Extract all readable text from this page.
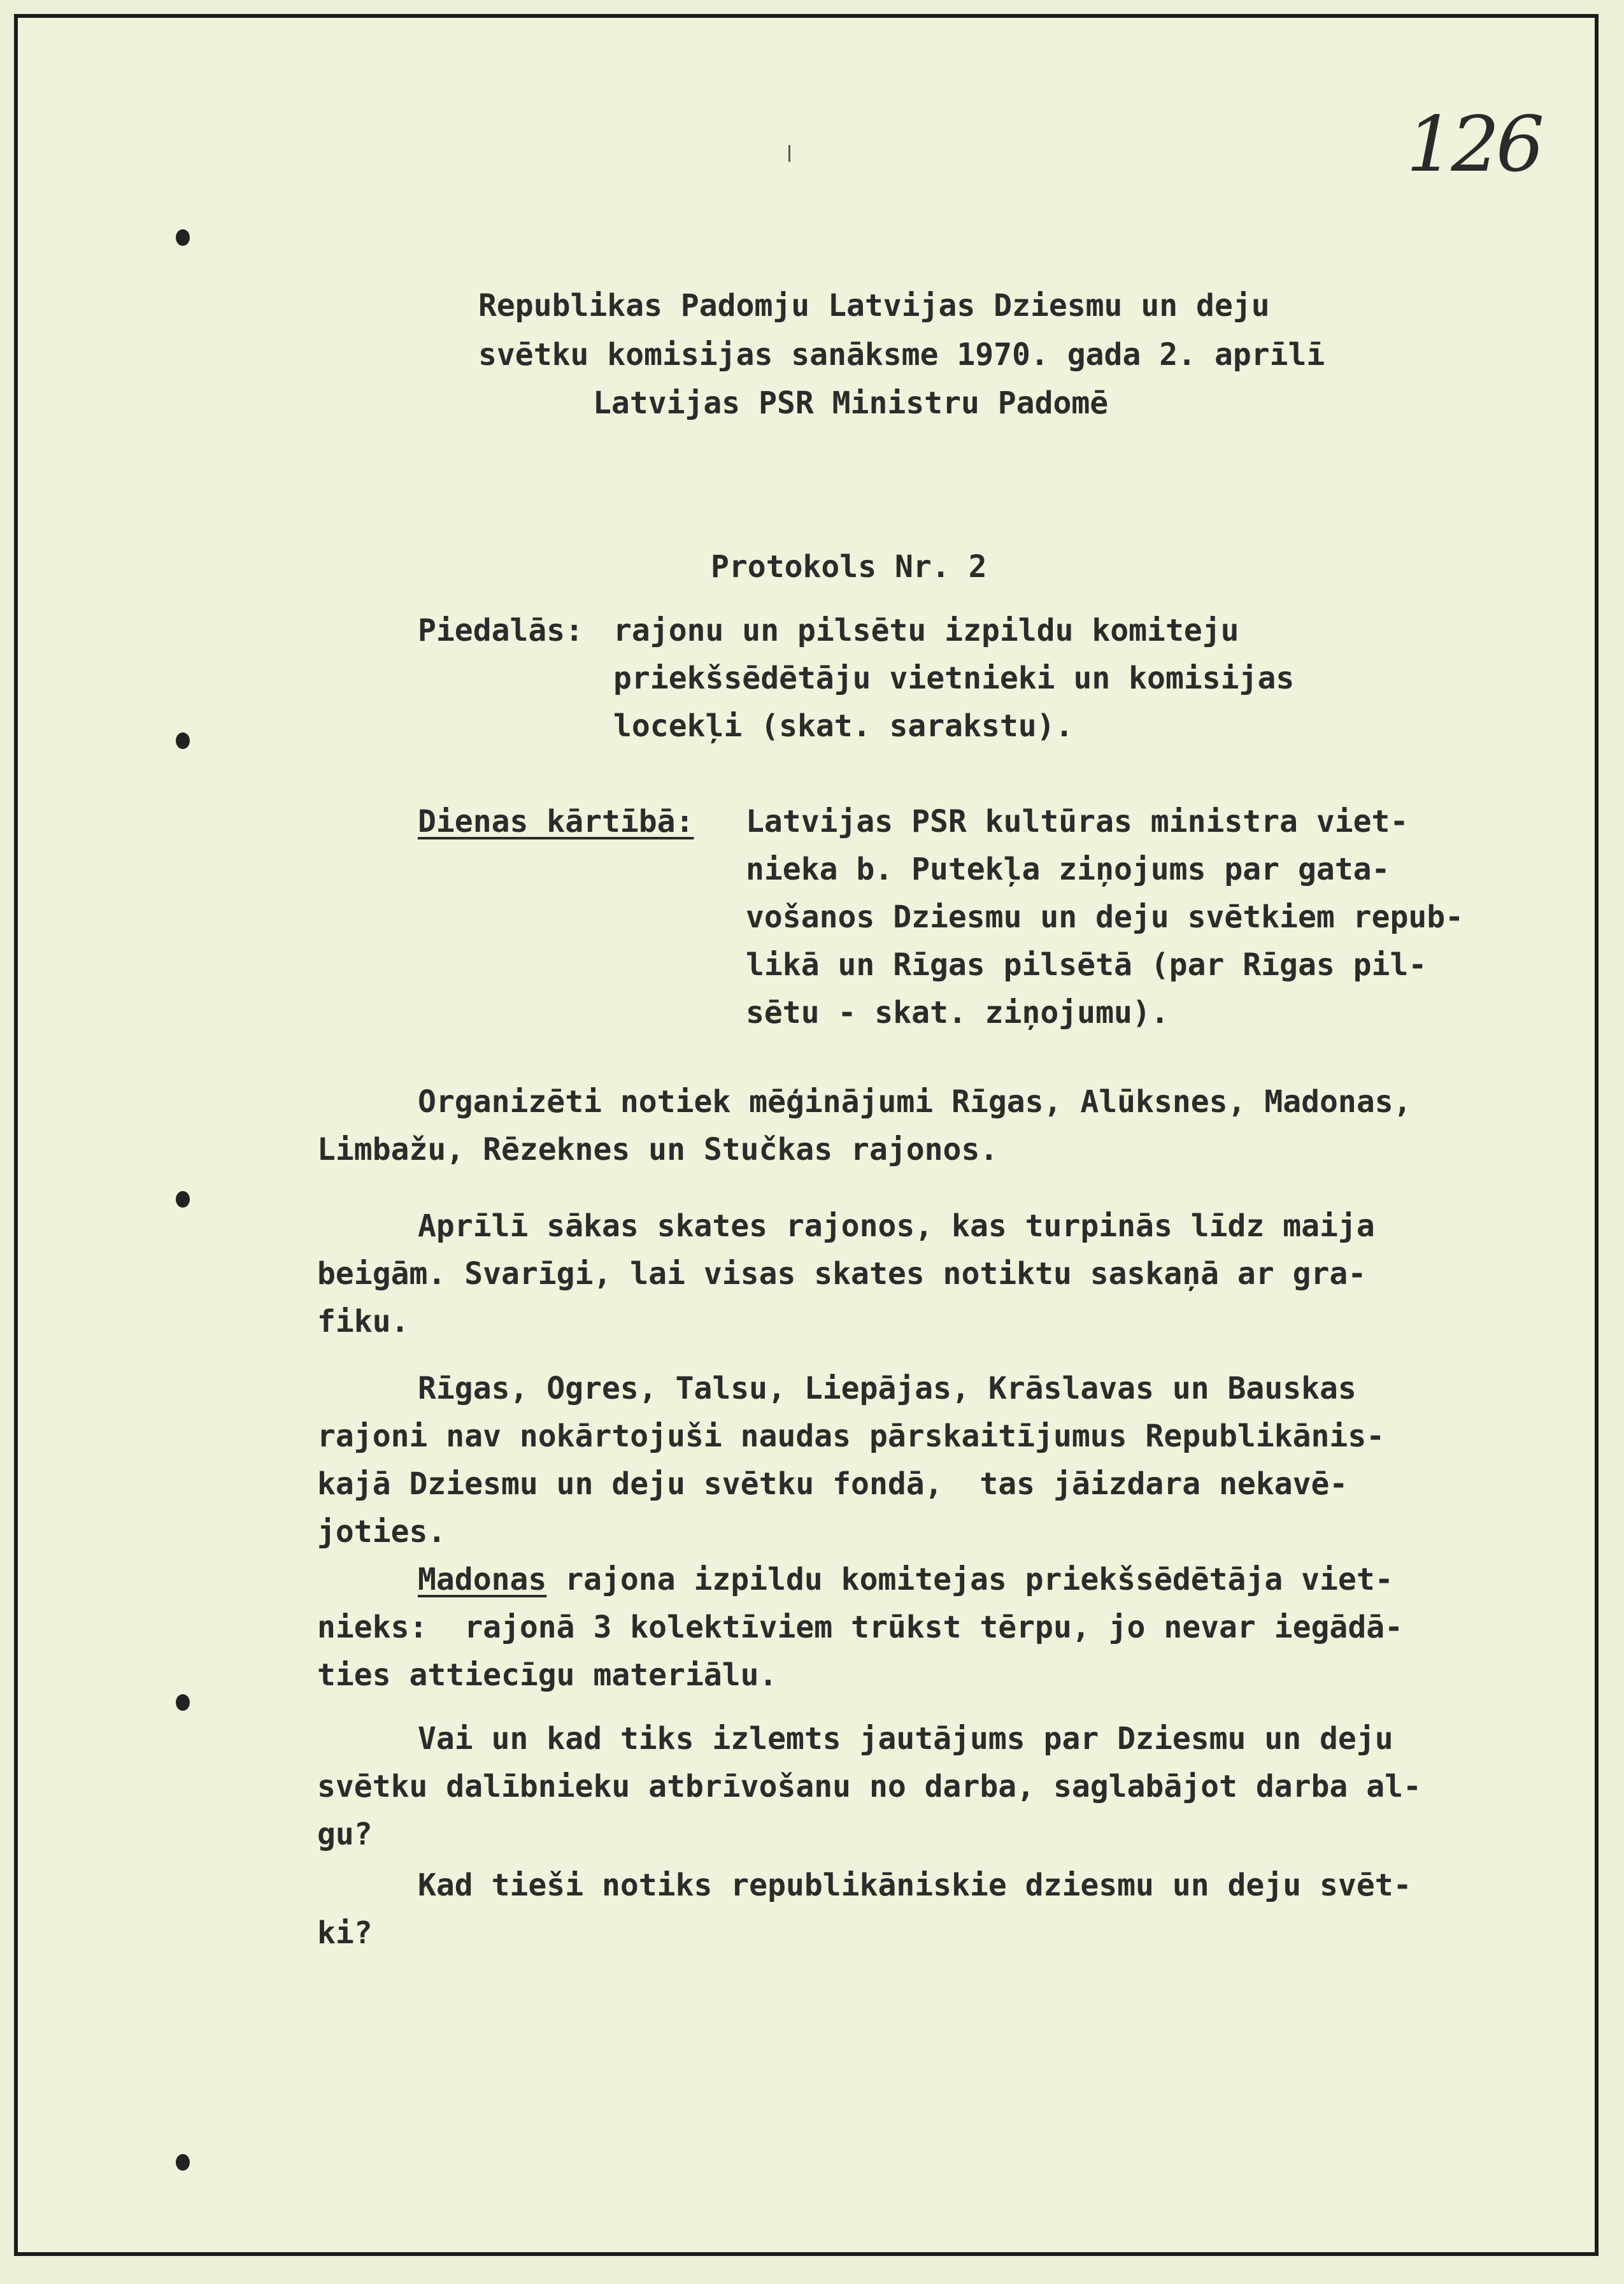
126

Republikas Padomju Latvijas Dziesmu un deju

svētku komisijas sanāksme 1970. gada 2. aprīlī

Latvijas PSR Ministru Padomē

Protokols Nr. 2

Piedalās: rajonu un pilsētu izpildu komiteju

priekšsēdētāju vietnieki un komisijas

locekļi (skat. sarakstu).

Dienas kārtībā: Latvijas PSR kultūras ministra viet-

nieka b. Putekļa ziņojums par gata-

vošanos Dziesmu un deju svētkiem repub-

likā un Rīgas pilsētā (par Rīgas pil-

sētu - skat. ziņojumu).

Organizēti notiek mēģinājumi Rīgas, Alūksnes, Madonas,

Limbažu, Rēzeknes un Stučkas rajonos.

Aprīlī sākas skates rajonos, kas turpinās līdz maija

beigām. Svarīgi, lai visas skates notiktu saskaņā ar gra-

fiku.

Rīgas, Ogres, Talsu, Liepājas, Krāslavas un Bauskas

rajoni nav nokārtojuši naudas pārskaitījumus Republikānis-

kajā Dziesmu un deju svētku fondā,  tas jāizdara nekavē-

joties.

Madonas rajona izpildu komitejas priekšsēdētāja viet-

nieks:  rajonā 3 kolektīviem trūkst tērpu, jo nevar iegādā-

ties attiecīgu materiālu.

Vai un kad tiks izlemts jautājums par Dziesmu un deju

svētku dalībnieku atbrīvošanu no darba, saglabājot darba al-

gu?

Kad tieši notiks republikāniskie dziesmu un deju svēt-

ki?
